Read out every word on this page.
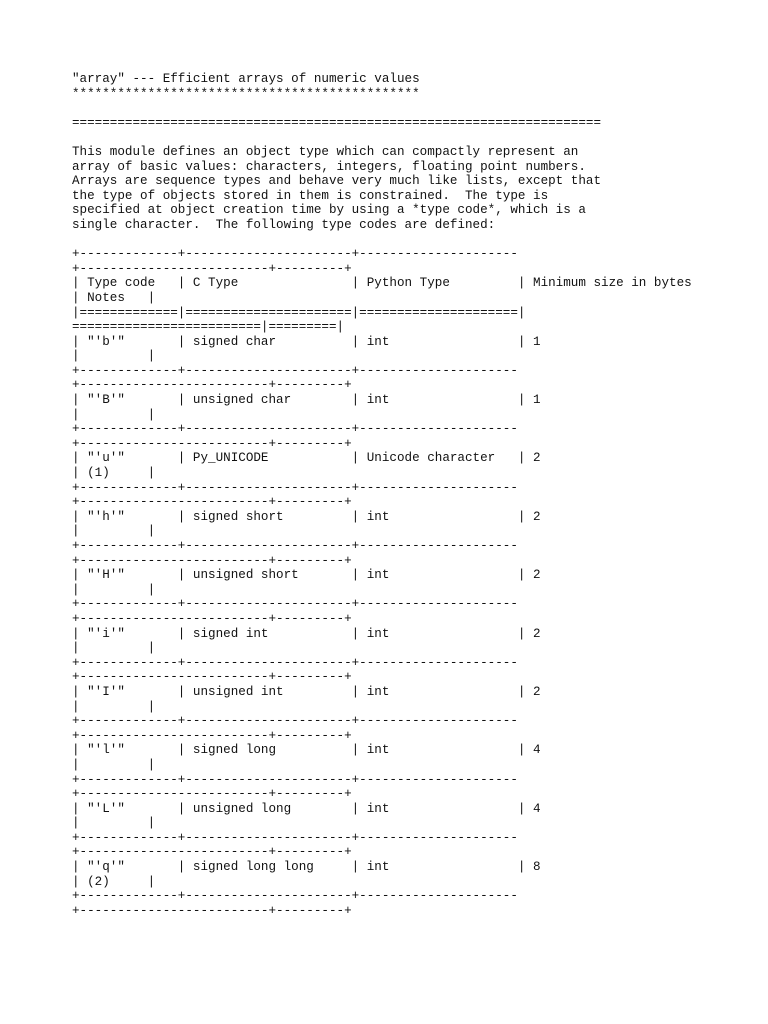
"array" --- Efficient arrays of numeric values
**********************************************
======================================================================
This module defines an object type which can compactly represent an
array of basic values: characters, integers, floating point numbers.
Arrays are sequence types and behave very much like lists, except that
the type of objects stored in them is constrained.  The type is
specified at object creation time by using a *type code*, which is a
single character.  The following type codes are defined:
+-------------+----------------------+---------------------
+-------------------------+---------+
| Type code   | C Type               | Python Type         | Minimum size in bytes
| Notes   |
|=============|======================|=====================|
=========================|=========|
| "'b'"       | signed char          | int                 | 1
|         |
+-------------+----------------------+---------------------
+-------------------------+---------+
| "'B'"       | unsigned char        | int                 | 1
|         |
+-------------+----------------------+---------------------
+-------------------------+---------+
| "'u'"       | Py_UNICODE           | Unicode character   | 2
| (1)     |
+-------------+----------------------+---------------------
+-------------------------+---------+
| "'h'"       | signed short         | int                 | 2
|         |
+-------------+----------------------+---------------------
+-------------------------+---------+
| "'H'"       | unsigned short       | int                 | 2
|         |
+-------------+----------------------+---------------------
+-------------------------+---------+
| "'i'"       | signed int           | int                 | 2
|         |
+-------------+----------------------+---------------------
+-------------------------+---------+
| "'I'"       | unsigned int         | int                 | 2
|         |
+-------------+----------------------+---------------------
+-------------------------+---------+
| "'l'"       | signed long          | int                 | 4
|         |
+-------------+----------------------+---------------------
+-------------------------+---------+
| "'L'"       | unsigned long        | int                 | 4
|         |
+-------------+----------------------+---------------------
+-------------------------+---------+
| "'q'"       | signed long long     | int                 | 8
| (2)     |
+-------------+----------------------+---------------------
+-------------------------+---------+
